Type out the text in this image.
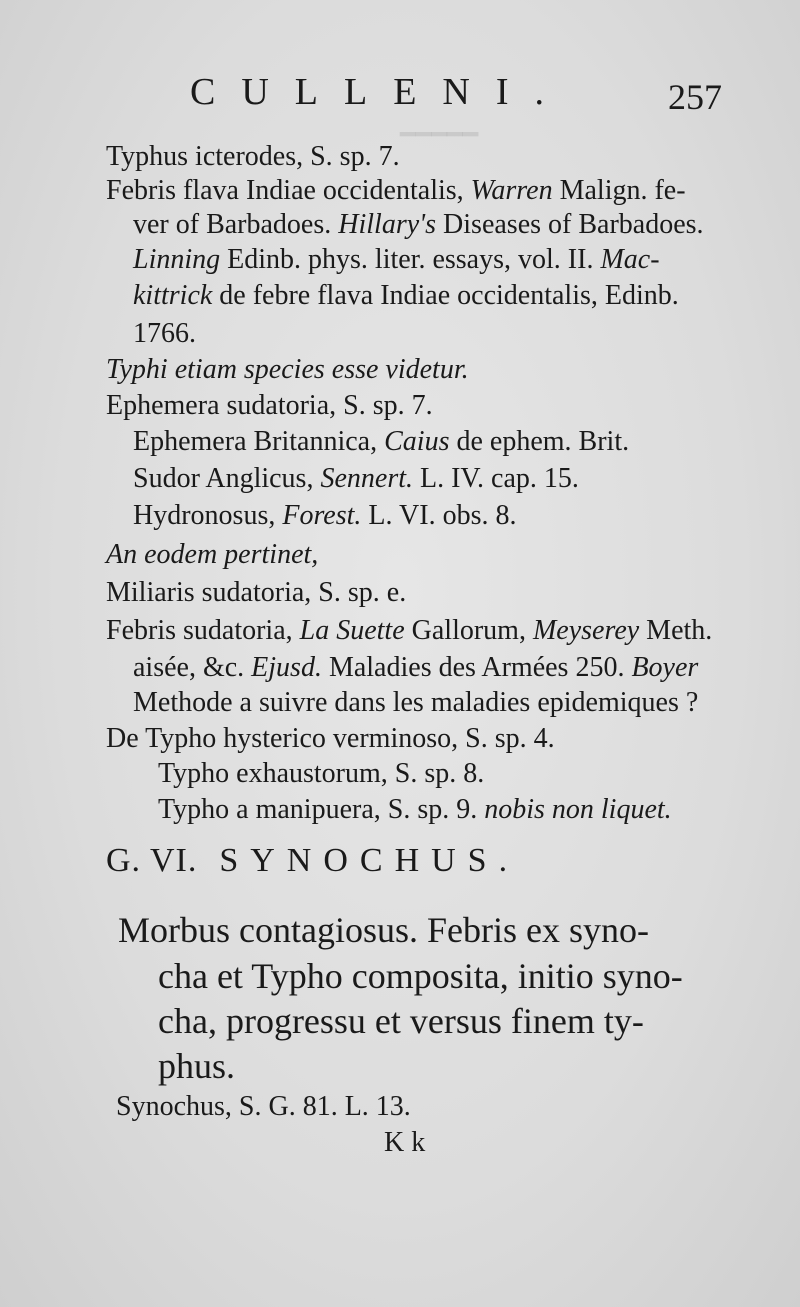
━━━━━
CULLENI.	257
Typhus icterodes, S. sp. 7.
Febris flava Indiae occidentalis, Warren Malign. fe-
ver of Barbadoes. Hillary's Diseases of Barbadoes.
Linning Edinb. phys. liter. essays, vol. II. Mac-
kittrick de febre flava Indiae occidentalis, Edinb.
1766.
Typhi etiam species esse videtur.
Ephemera sudatoria, S. sp. 7.
Ephemera Britannica, Caius de ephem. Brit.
Sudor Anglicus, Sennert. L. IV. cap. 15.
Hydronosus, Forest. L. VI. obs. 8.
An eodem pertinet,
Miliaris sudatoria, S. sp. e.
Febris sudatoria, La Suette Gallorum, Meyserey Meth.
aisée, &c. Ejusd. Maladies des Armées 250. Boyer
Methode a suivre dans les maladies epidemiques ?
De Typho hysterico verminoso, S. sp. 4.
Typho exhaustorum, S. sp. 8.
Typho a manipuera, S. sp. 9. nobis non liquet.
G. VI. SYNOCHUS.
Morbus contagiosus. Febris ex syno-
cha et Typho composita, initio syno-
cha, progressu et versus finem ty-
phus.
Synochus, S. G. 81. L. 13.
K k
